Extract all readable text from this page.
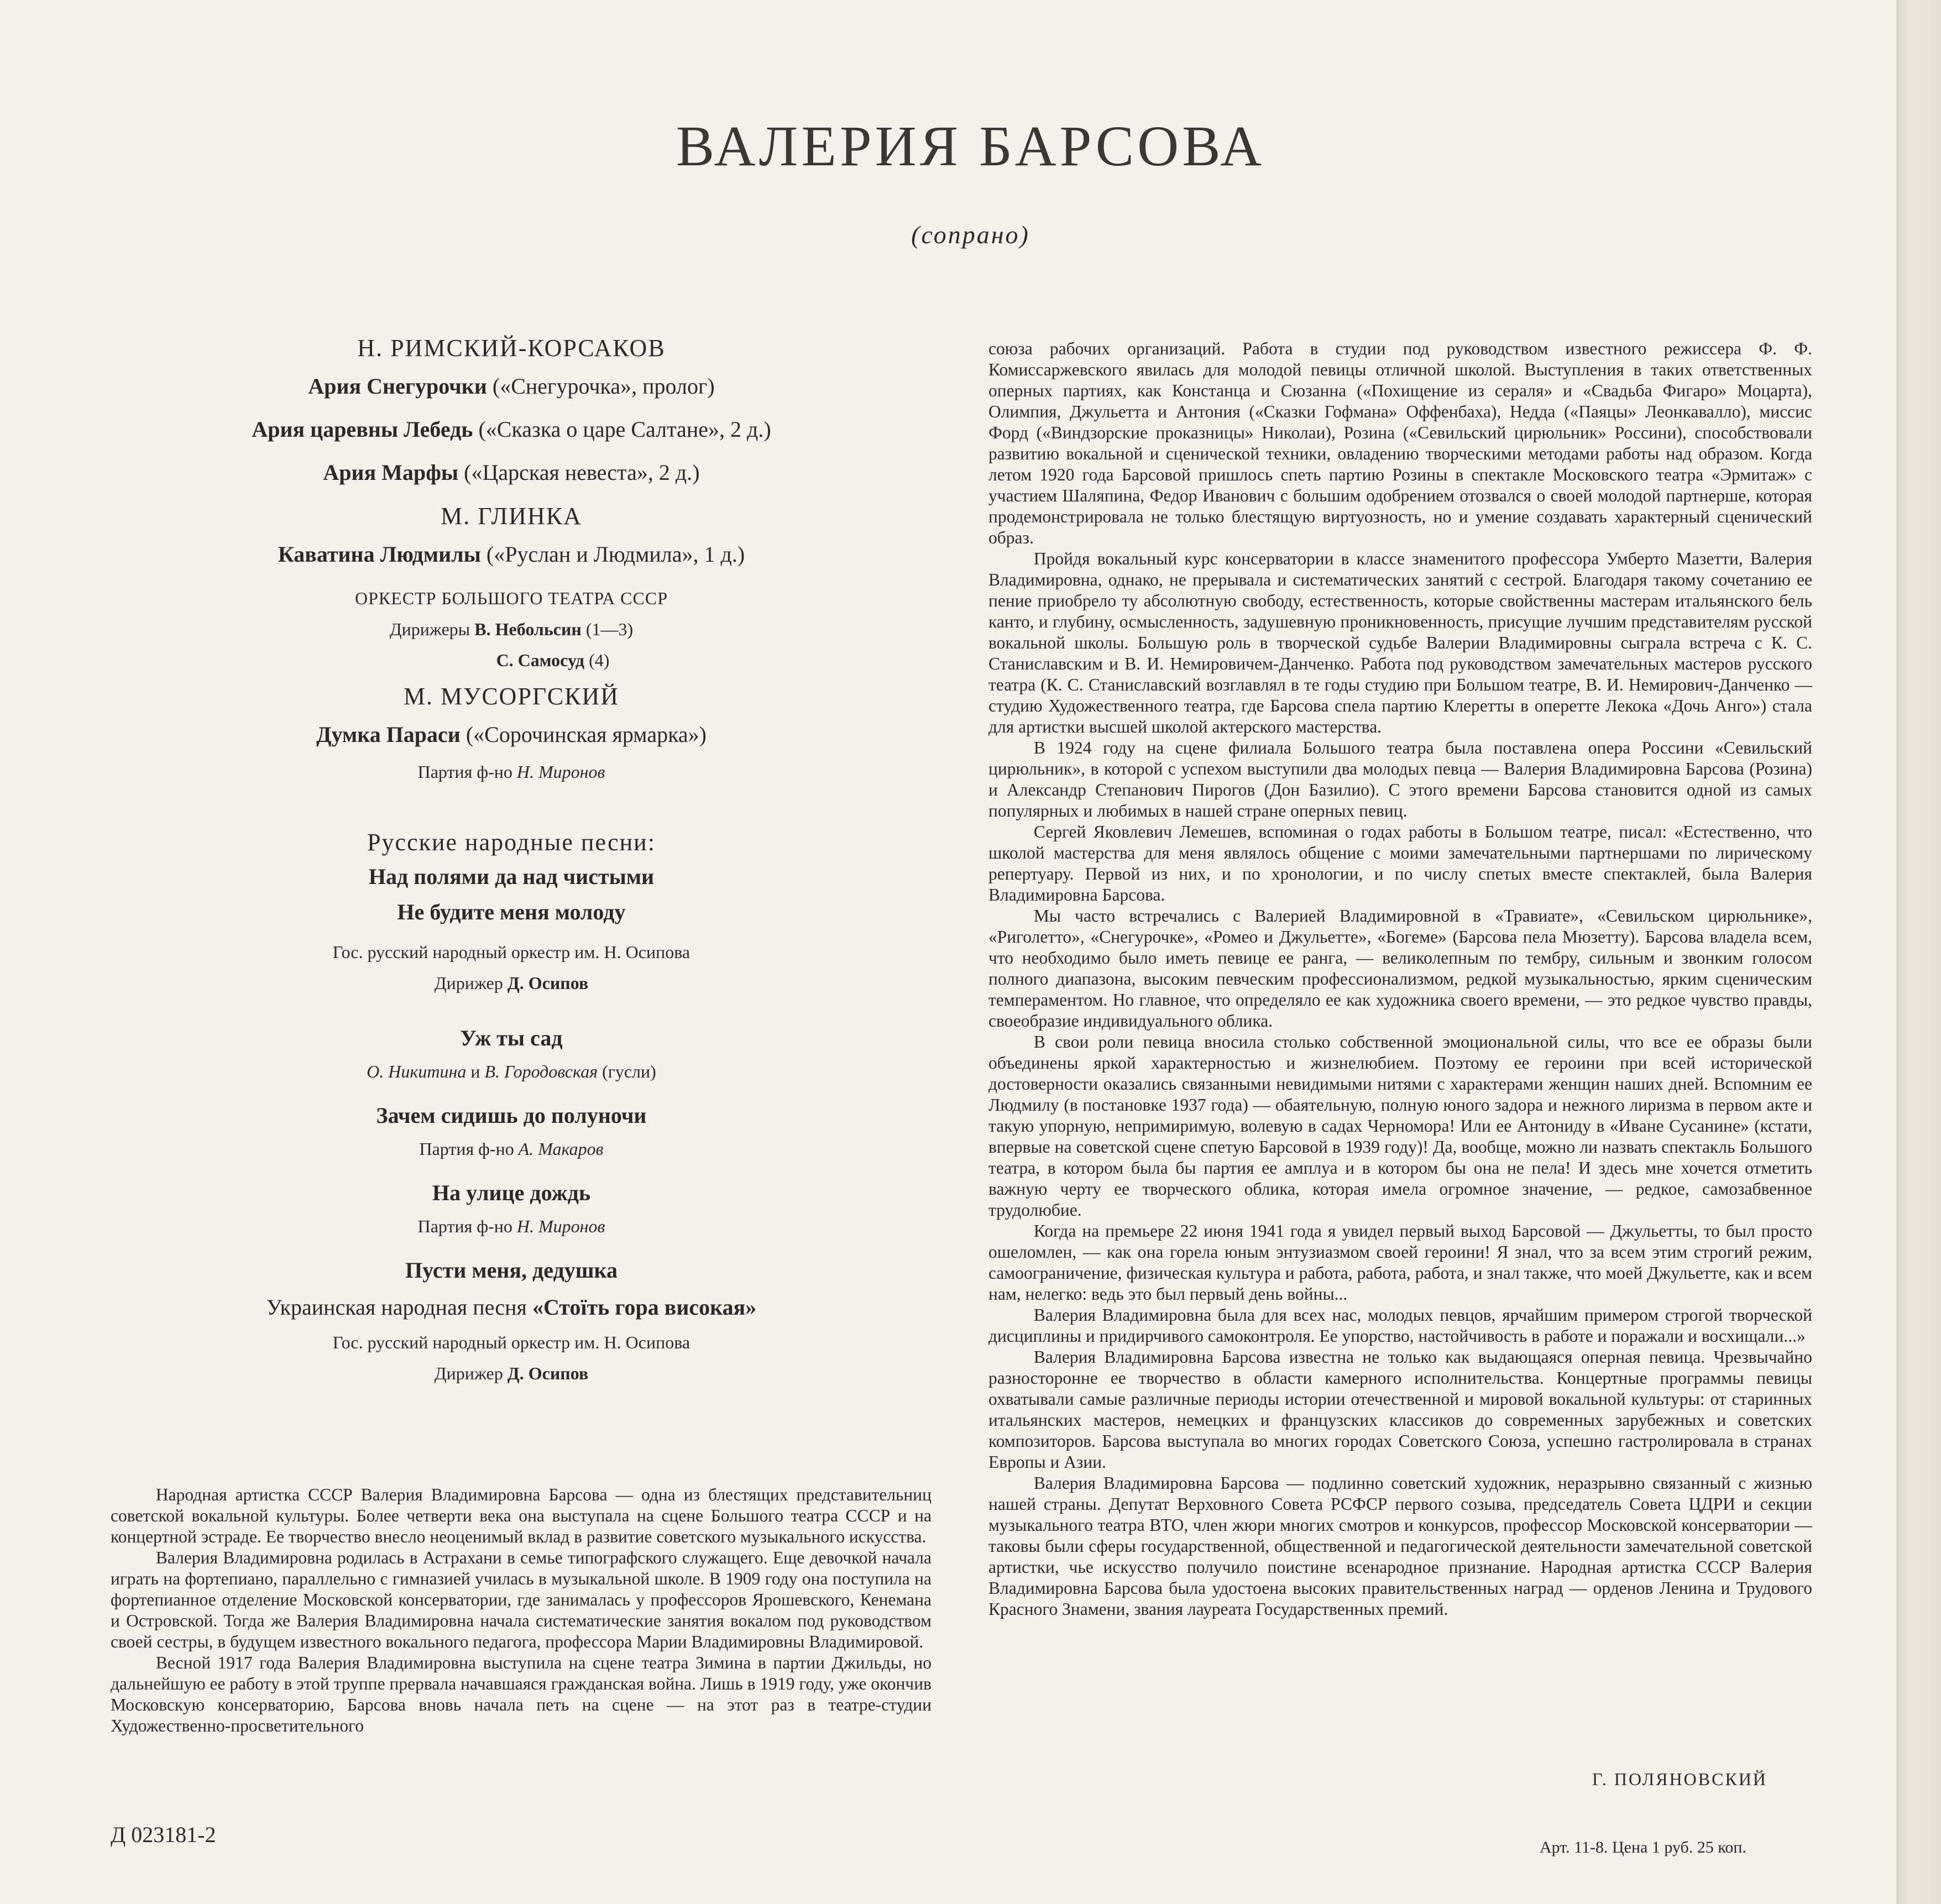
ВАЛЕРИЯ БАРСОВА
(сопрано)

Н. РИМСКИЙ-КОРСАКОВ

Ария Снегурочки («Снегурочка», пролог)

Ария царевны Лебедь («Сказка о царе Салтане», 2 д.)

Ария Марфы («Царская невеста», 2 д.)

М. ГЛИНКА

Каватина Людмилы («Руслан и Людмила», 1 д.)

ОРКЕСТР БОЛЬШОГО ТЕАТРА СССР

Дирижеры В. Небольсин (1—3)

С. Самосуд (4)

М. МУСОРГСКИЙ

Думка Параси («Сорочинская ярмарка»)

Партия ф-но Н. Миронов

Русские народные песни:

Над полями да над чистыми

Не будите меня молоду

Гос. русский народный оркестр им. Н. Осипова

Дирижер Д. Осипов

Уж ты сад

О. Никитина и В. Городовская (гусли)

Зачем сидишь до полуночи

Партия ф-но А. Макаров

На улице дождь

Партия ф-но Н. Миронов

Пусти меня, дедушка

Украинская народная песня «Стоїть гора високая»

Гос. русский народный оркестр им. Н. Осипова

Дирижер Д. Осипов

Народная артистка СССР Валерия Владимировна Барсова — одна из блестящих представительниц советской вокальной культуры. Более четверти века она выступала на сцене Большого театра СССР и на концертной эстраде. Ее творчество внесло неоценимый вклад в развитие советского музыкального искусства.

Валерия Владимировна родилась в Астрахани в семье типографского служащего. Еще девочкой начала играть на фортепиано, параллельно с гимназией училась в музыкальной школе. В 1909 году она поступила на фортепианное отделение Московской консерватории, где занималась у профессоров Ярошевского, Кенемана и Островской. Тогда же Валерия Владимировна начала систематические занятия вокалом под руководством своей сестры, в будущем известного вокального педагога, профессора Марии Владимировны Владимировой.

Весной 1917 года Валерия Владимировна выступила на сцене театра Зимина в партии Джильды, но дальнейшую ее работу в этой труппе прервала начавшаяся гражданская война. Лишь в 1919 году, уже окончив Московскую консерваторию, Барсова вновь начала петь на сцене — на этот раз в театре-студии Художественно-просветительного

союза рабочих организаций. Работа в студии под руководством известного режиссера Ф. Ф. Комиссаржевского явилась для молодой певицы отличной школой. Выступления в таких ответственных оперных партиях, как Констанца и Сюзанна («Похищение из сераля» и «Свадьба Фигаро» Моцарта), Олимпия, Джульетта и Антония («Сказки Гофмана» Оффенбаха), Недда («Паяцы» Леонкавалло), миссис Форд («Виндзорские проказницы» Николаи), Розина («Севильский цирюльник» Россини), способствовали развитию вокальной и сценической техники, овладению творческими методами работы над образом. Когда летом 1920 года Барсовой пришлось спеть партию Розины в спектакле Московского театра «Эрмитаж» с участием Шаляпина, Федор Иванович с большим одобрением отозвался о своей молодой партнерше, которая продемонстрировала не только блестящую виртуозность, но и умение создавать характерный сценический образ.

Пройдя вокальный курс консерватории в классе знаменитого профессора Умберто Мазетти, Валерия Владимировна, однако, не прерывала и систематических занятий с сестрой. Благодаря такому сочетанию ее пение приобрело ту абсолютную свободу, естественность, которые свойственны мастерам итальянского бель канто, и глубину, осмысленность, задушевную проникновенность, присущие лучшим представителям русской вокальной школы. Большую роль в творческой судьбе Валерии Владимировны сыграла встреча с К. С. Станиславским и В. И. Немировичем-Данченко. Работа под руководством замечательных мастеров русского театра (К. С. Станиславский возглавлял в те годы студию при Большом театре, В. И. Немирович-Данченко — студию Художественного театра, где Барсова спела партию Клеретты в оперетте Лекока «Дочь Анго») стала для артистки высшей школой актерского мастерства.

В 1924 году на сцене филиала Большого театра была поставлена опера Россини «Севильский цирюльник», в которой с успехом выступили два молодых певца — Валерия Владимировна Барсова (Розина) и Александр Степанович Пирогов (Дон Базилио). С этого времени Барсова становится одной из самых популярных и любимых в нашей стране оперных певиц.

Сергей Яковлевич Лемешев, вспоминая о годах работы в Большом театре, писал: «Естественно, что школой мастерства для меня являлось общение с моими замечательными партнершами по лирическому репертуару. Первой из них, и по хронологии, и по числу спетых вместе спектаклей, была Валерия Владимировна Барсова.

Мы часто встречались с Валерией Владимировной в «Травиате», «Севильском цирюльнике», «Риголетто», «Снегурочке», «Ромео и Джульетте», «Богеме» (Барсова пела Мюзетту). Барсова владела всем, что необходимо было иметь певице ее ранга, — великолепным по тембру, сильным и звонким голосом полного диапазона, высоким певческим профессионализмом, редкой музыкальностью, ярким сценическим темпераментом. Но главное, что определяло ее как художника своего времени, — это редкое чувство правды, своеобразие индивидуального облика.

В свои роли певица вносила столько собственной эмоциональной силы, что все ее образы были объединены яркой характерностью и жизнелюбием. Поэтому ее героини при всей исторической достоверности оказались связанными невидимыми нитями с характерами женщин наших дней. Вспомним ее Людмилу (в постановке 1937 года) — обаятельную, полную юного задора и нежного лиризма в первом акте и такую упорную, непримиримую, волевую в садах Черномора! Или ее Антониду в «Иване Сусанине» (кстати, впервые на советской сцене спетую Барсовой в 1939 году)! Да, вообще, можно ли назвать спектакль Большого театра, в котором была бы партия ее амплуа и в котором бы она не пела! И здесь мне хочется отметить важную черту ее творческого облика, которая имела огромное значение, — редкое, самозабвенное трудолюбие.

Когда на премьере 22 июня 1941 года я увидел первый выход Барсовой — Джульетты, то был просто ошеломлен, — как она горела юным энтузиазмом своей героини! Я знал, что за всем этим строгий режим, самоограничение, физическая культура и работа, работа, работа, и знал также, что моей Джульетте, как и всем нам, нелегко: ведь это был первый день войны...

Валерия Владимировна была для всех нас, молодых певцов, ярчайшим примером строгой творческой дисциплины и придирчивого самоконтроля. Ее упорство, настойчивость в работе и поражали и восхищали...»

Валерия Владимировна Барсова известна не только как выдающаяся оперная певица. Чрезвычайно разносторонне ее творчество в области камерного исполнительства. Концертные программы певицы охватывали самые различные периоды истории отечественной и мировой вокальной культуры: от старинных итальянских мастеров, немецких и французских классиков до современных зарубежных и советских композиторов. Барсова выступала во многих городах Советского Союза, успешно гастролировала в странах Европы и Азии.

Валерия Владимировна Барсова — подлинно советский художник, неразрывно связанный с жизнью нашей страны. Депутат Верховного Совета РСФСР первого созыва, председатель Совета ЦДРИ и секции музыкального театра ВТО, член жюри многих смотров и конкурсов, профессор Московской консерватории — таковы были сферы государственной, общественной и педагогической деятельности замечательной советской артистки, чье искусство получило поистине всенародное признание. Народная артистка СССР Валерия Владимировна Барсова была удостоена высоких правительственных наград — орденов Ленина и Трудового Красного Знамени, звания лауреата Государственных премий.

Г. ПОЛЯНОВСКИЙ
Д 023181-2
Арт. 11-8. Цена 1 руб. 25 коп.
